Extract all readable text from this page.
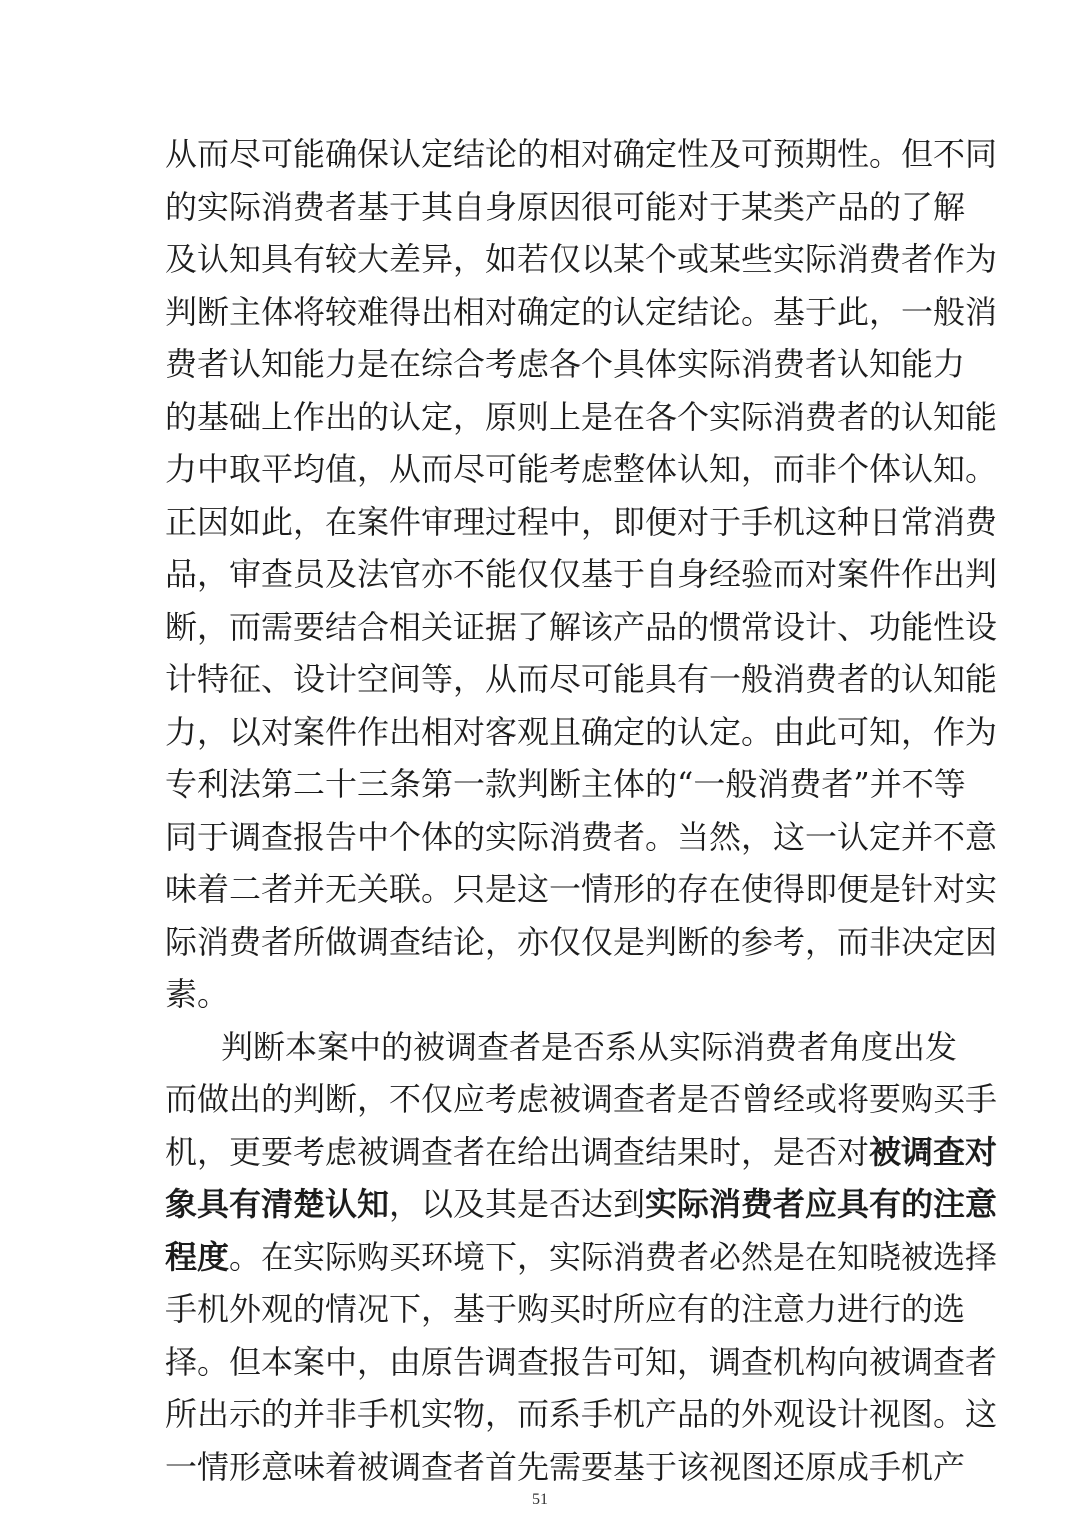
从而尽可能确保认定结论的相对确定性及可预期性。但不同
的实际消费者基于其自身原因很可能对于某类产品的了解
及认知具有较大差异，如若仅以某个或某些实际消费者作为
判断主体将较难得出相对确定的认定结论。基于此，一般消
费者认知能力是在综合考虑各个具体实际消费者认知能力
的基础上作出的认定，原则上是在各个实际消费者的认知能
力中取平均值，从而尽可能考虑整体认知，而非个体认知。
正因如此，在案件审理过程中，即便对于手机这种日常消费
品，审查员及法官亦不能仅仅基于自身经验而对案件作出判
断，而需要结合相关证据了解该产品的惯常设计、功能性设
计特征、设计空间等，从而尽可能具有一般消费者的认知能
力，以对案件作出相对客观且确定的认定。由此可知，作为
专利法第二十三条第一款判断主体的“一般消费者”并不等
同于调查报告中个体的实际消费者。当然，这一认定并不意
味着二者并无关联。只是这一情形的存在使得即便是针对实
际消费者所做调查结论，亦仅仅是判断的参考，而非决定因
素。
判断本案中的被调查者是否系从实际消费者角度出发
而做出的判断，不仅应考虑被调查者是否曾经或将要购买手
机，更要考虑被调查者在给出调查结果时，是否对被调查对
象具有清楚认知，以及其是否达到实际消费者应具有的注意
程度。在实际购买环境下，实际消费者必然是在知晓被选择
手机外观的情况下，基于购买时所应有的注意力进行的选
择。但本案中，由原告调查报告可知，调查机构向被调查者
所出示的并非手机实物，而系手机产品的外观设计视图。这
一情形意味着被调查者首先需要基于该视图还原成手机产
51
